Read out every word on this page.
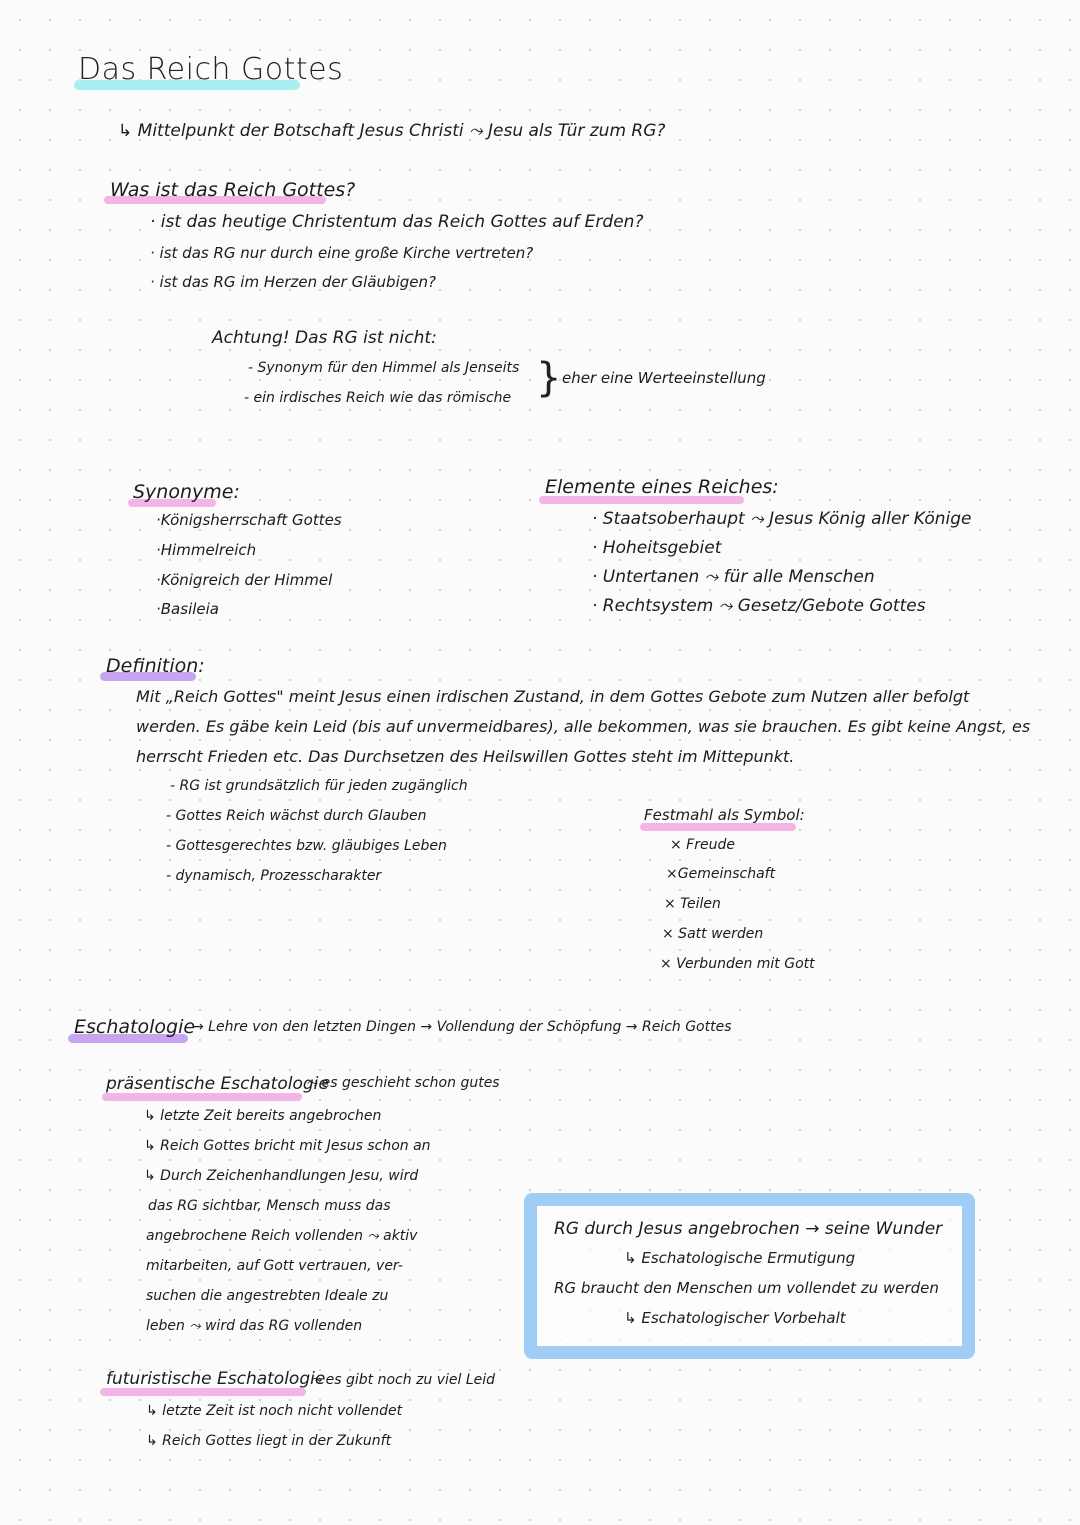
Das Reich Gottes
↳ Mittelpunkt der Botschaft Jesus Christi ⤳ Jesu als Tür zum RG?
Was ist das Reich Gottes?
· ist das heutige Christentum das Reich Gottes auf Erden?
· ist das RG nur durch eine große Kirche vertreten?
· ist das RG im Herzen der Gläubigen?
Achtung! Das RG ist nicht:
- Synonym für den Himmel als Jenseits
- ein irdisches Reich wie das römische } eher eine Werteeinstellung
Synonyme:
·Königsherrschaft Gottes
·Himmelreich
·Königreich der Himmel
·Basileia
Elemente eines Reiches:
· Staatsoberhaupt ⤳ Jesus König aller Könige
· Hoheitsgebiet
· Untertanen ⤳ für alle Menschen
· Rechtsystem ⤳ Gesetz/Gebote Gottes
Definition:
Mit „Reich Gottes" meint Jesus einen irdischen Zustand, in dem Gottes Gebote zum Nutzen aller befolgt
werden. Es gäbe kein Leid (bis auf unvermeidbares), alle bekommen, was sie brauchen. Es gibt keine Angst, es
herrscht Frieden etc. Das Durchsetzen des Heilswillen Gottes steht im Mittepunkt.
- RG ist grundsätzlich für jeden zugänglich
- Gottes Reich wächst durch Glauben
- Gottesgerechtes bzw. gläubiges Leben
- dynamisch, Prozesscharakter
Festmahl als Symbol:
× Freude
×Gemeinschaft
× Teilen
× Satt werden
× Verbunden mit Gott
Eschatologie
→ Lehre von den letzten Dingen → Vollendung der Schöpfung → Reich Gottes
präsentische Eschatologie
⤳ es geschieht schon gutes
↳ letzte Zeit bereits angebrochen
↳ Reich Gottes bricht mit Jesus schon an
↳ Durch Zeichenhandlungen Jesu, wird
das RG sichtbar, Mensch muss das
angebrochene Reich vollenden ⤳ aktiv
mitarbeiten, auf Gott vertrauen, ver-
suchen die angestrebten Ideale zu
leben ⤳ wird das RG vollenden
futuristische Eschatologie
⤳ es gibt noch zu viel Leid
↳ letzte Zeit ist noch nicht vollendet
↳ Reich Gottes liegt in der Zukunft
RG durch Jesus angebrochen → seine Wunder
↳ Eschatologische Ermutigung
RG braucht den Menschen um vollendet zu werden
↳ Eschatologischer Vorbehalt
